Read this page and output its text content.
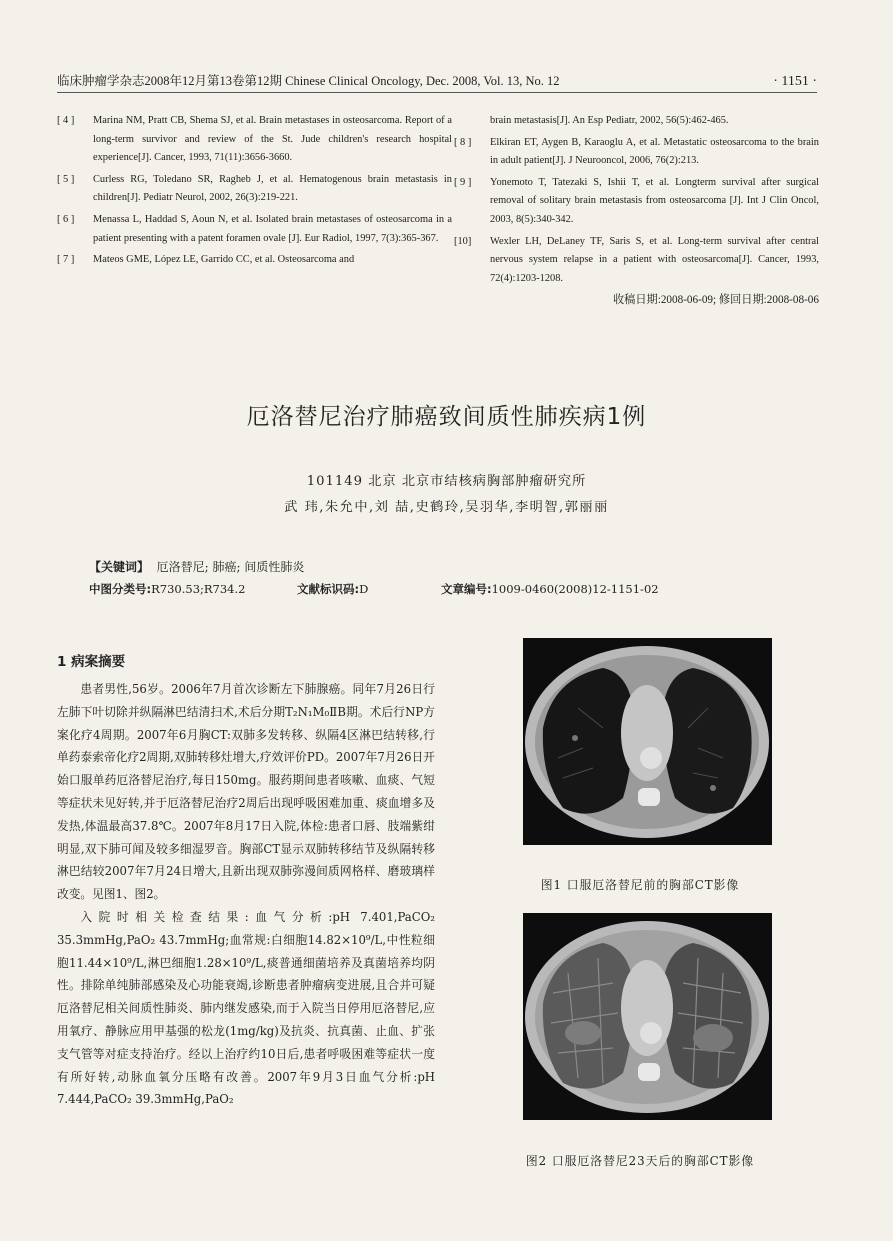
临床肿瘤学杂志2008年12月第13卷第12期 Chinese Clinical Oncology, Dec. 2008, Vol. 13, No. 12	· 1151 ·
[ 4 ] Marina NM, Pratt CB, Shema SJ, et al. Brain metastases in osteosarcoma. Report of a long-term survivor and review of the St. Jude children's research hospital experience[J]. Cancer, 1993, 71(11):3656-3660.
[ 5 ] Curless RG, Toledano SR, Ragheb J, et al. Hematogenous brain metastasis in children[J]. Pediatr Neurol, 2002, 26(3):219-221.
[ 6 ] Menassa L, Haddad S, Aoun N, et al. Isolated brain metastases of osteosarcoma in a patient presenting with a patent foramen ovale [J]. Eur Radiol, 1997, 7(3):365-367.
[ 7 ] Mateos GME, López LE, Garrido CC, et al. Osteosarcoma and
brain metastasis[J]. An Esp Pediatr, 2002, 56(5):462-465.
[ 8 ] Elkiran ET, Aygen B, Karaoglu A, et al. Metastatic osteosarcoma to the brain in adult patient[J]. J Neurooncol, 2006, 76(2):213.
[ 9 ] Yonemoto T, Tatezaki S, Ishii T, et al. Longterm survival after surgical removal of solitary brain metastasis from osteosarcoma [J]. Int J Clin Oncol, 2003, 8(5):340-342.
[10] Wexler LH, DeLaney TF, Saris S, et al. Long-term survival after central nervous system relapse in a patient with osteosarcoma[J]. Cancer, 1993, 72(4):1203-1208.
收稿日期:2008-06-09; 修回日期:2008-08-06
厄洛替尼治疗肺癌致间质性肺疾病1例
101149 北京 北京市结核病胸部肿瘤研究所
武 玮,朱允中,刘 喆,史鹤玲,吴羽华,李明智,郭丽丽
【关键词】 厄洛替尼; 肺癌; 间质性肺炎
中图分类号:R730.53;R734.2	文献标识码:D	文章编号:1009-0460(2008)12-1151-02
1 病案摘要

患者男性,56岁。2006年7月首次诊断左下肺腺癌。同年7月26日行左肺下叶切除并纵隔淋巴结清扫术,术后分期T₂N₁M₀ⅡB期。术后行NP方案化疗4周期。2007年6月胸CT:双肺多发转移、纵隔4区淋巴结转移,行单药泰索帝化疗2周期,双肺转移灶增大,疗效评价PD。2007年7月26日开始口服单药厄洛替尼治疗,每日150mg。服药期间患者咳嗽、血痰、气短等症状未见好转,并于厄洛替尼治疗2周后出现呼吸困难加重、痰血增多及发热,体温最高37.8℃。2007年8月17日入院,体检:患者口唇、肢端紫绀明显,双下肺可闻及较多细湿罗音。胸部CT显示双肺转移结节及纵隔转移淋巴结较2007年7月24日增大,且新出现双肺弥漫间质网格样、磨玻璃样改变。见图1、图2。

入院时相关检查结果:血气分析:pH 7.401,PaCO₂ 35.3mmHg,PaO₂ 43.7mmHg;血常规:白细胞14.82×10⁹/L,中性粒细胞11.44×10⁹/L,淋巴细胞1.28×10⁹/L,痰普通细菌培养及真菌培养均阴性。排除单纯肺部感染及心功能衰竭,诊断患者肿瘤病变进展,且合并可疑厄洛替尼相关间质性肺炎、肺内继发感染,而于入院当日停用厄洛替尼,应用氧疗、静脉应用甲基强的松龙(1mg/kg)及抗炎、抗真菌、止血、扩张支气管等对症支持治疗。经以上治疗约10日后,患者呼吸困难等症状一度有所好转,动脉血氧分压略有改善。2007年9月3日血气分析:pH 7.444,PaCO₂ 39.3mmHg,PaO₂

图1 口服厄洛替尼前的胸部CT影像
图2 口服厄洛替尼23天后的胸部CT影像
